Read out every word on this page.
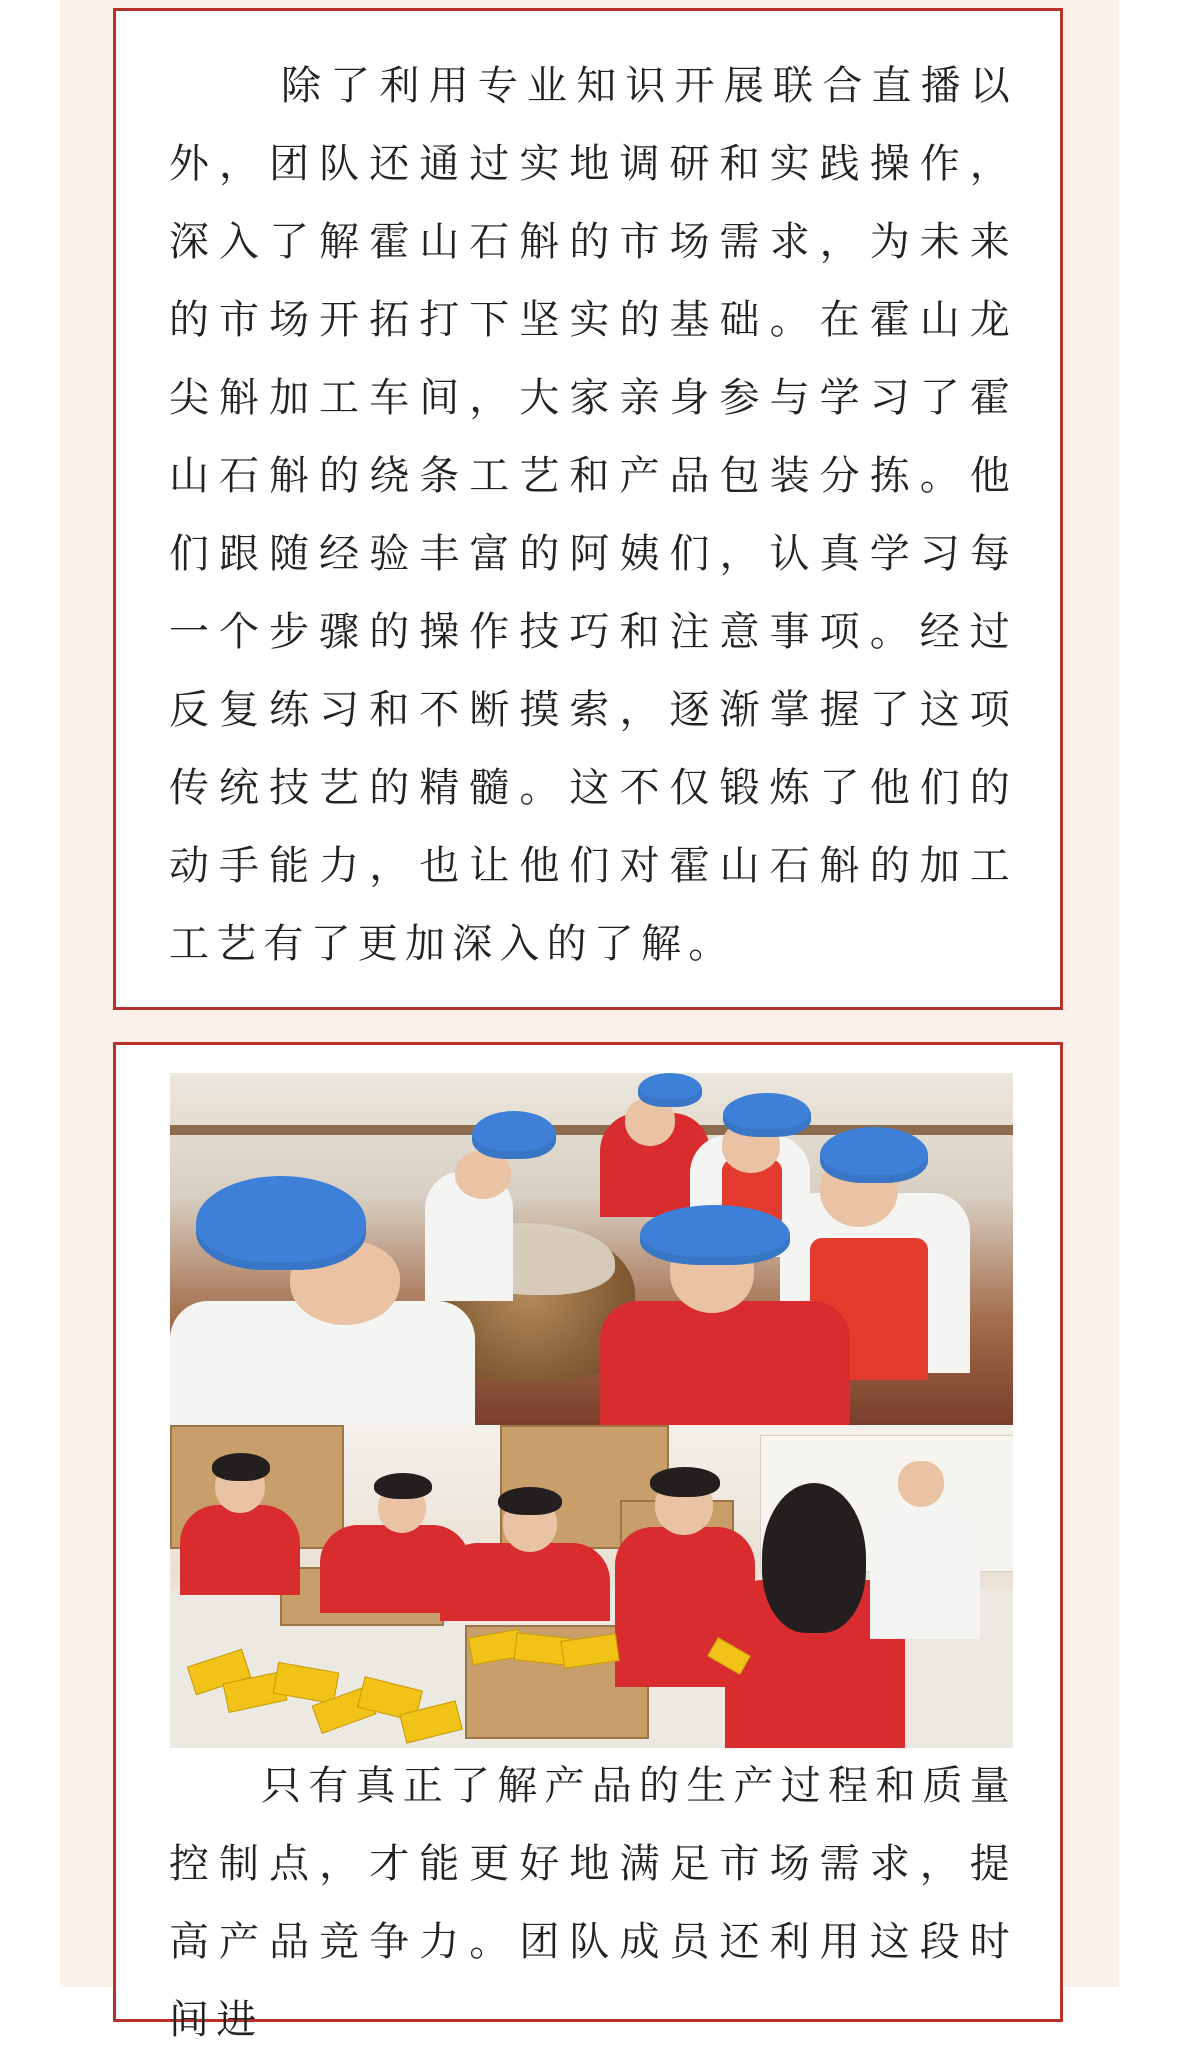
除了利用专业知识开展联合直播以外，团队还通过实地调研和实践操作，深入了解霍山石斛的市场需求，为未来的市场开拓打下坚实的基础。在霍山龙尖斛加工车间，大家亲身参与学习了霍山石斛的绕条工艺和产品包装分拣。他们跟随经验丰富的阿姨们，认真学习每一个步骤的操作技巧和注意事项。经过反复练习和不断摸索，逐渐掌握了这项传统技艺的精髓。这不仅锻炼了他们的动手能力，也让他们对霍山石斛的加工工艺有了更加深入的了解。

只有真正了解产品的生产过程和质量控制点，才能更好地满足市场需求，提高产品竞争力。团队成员还利用这段时间进
